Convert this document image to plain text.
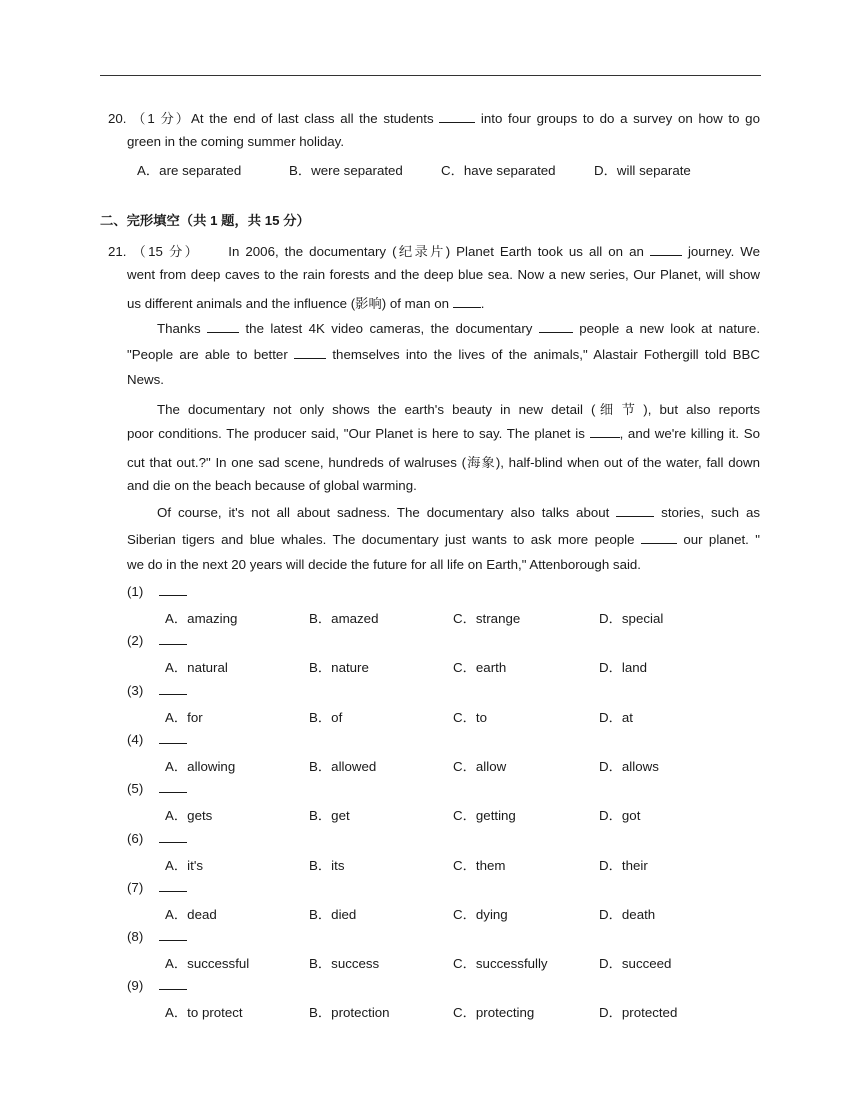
20. （1 分）At the end of last class all the students	into four groups to do a survey on how to go
green in the coming summer holiday.
A．are separated	B．were separated	C．have separated	D．will separate
二、完形填空（共 1 题，共 15 分）
21. （15 分） In 2006, the documentary (纪录片) Planet Earth took us all on an	journey. We
went from deep caves to the rain forests and the deep blue sea. Now a new series, Our Planet, will show
us different animals and the influence (影响) of man on .
Thanks	the latest 4K video cameras, the documentary	people a new look at nature.
"People are able to better	themselves into the lives of the animals," Alastair Fothergill told BBC
News.
The documentary not only shows the earth's beauty in new detail (细节), but also reports
poor conditions. The producer said, "Our Planet is here to say. The planet is	, and we're killing it. So
cut that out.?" In one sad scene, hundreds of walruses (海象), half-blind when out of the water, fall down
and die on the beach because of global warming.
Of course, it's not all about sadness. The documentary also talks about	stories, such as
Siberian tigers and blue whales. The documentary just wants to ask more people	our planet. "
we do in the next 20 years will decide the future for all life on Earth," Attenborough said.
(1)
A．amazing	B．amazed	C．strange	D．special
(2)
A．natural	B．nature	C．earth	D．land
(3)
A．for	B．of	C．to	D．at
(4)
A．allowing	B．allowed	C．allow	D．allows
(5)
A．gets	B．get	C．getting	D．got
(6)
A．it's	B．its	C．them	D．their
(7)
A．dead	B．died	C．dying	D．death
(8)
A．successful	B．success	C．successfully	D．succeed
(9)
A．to protect	B．protection	C．protecting	D．protected
